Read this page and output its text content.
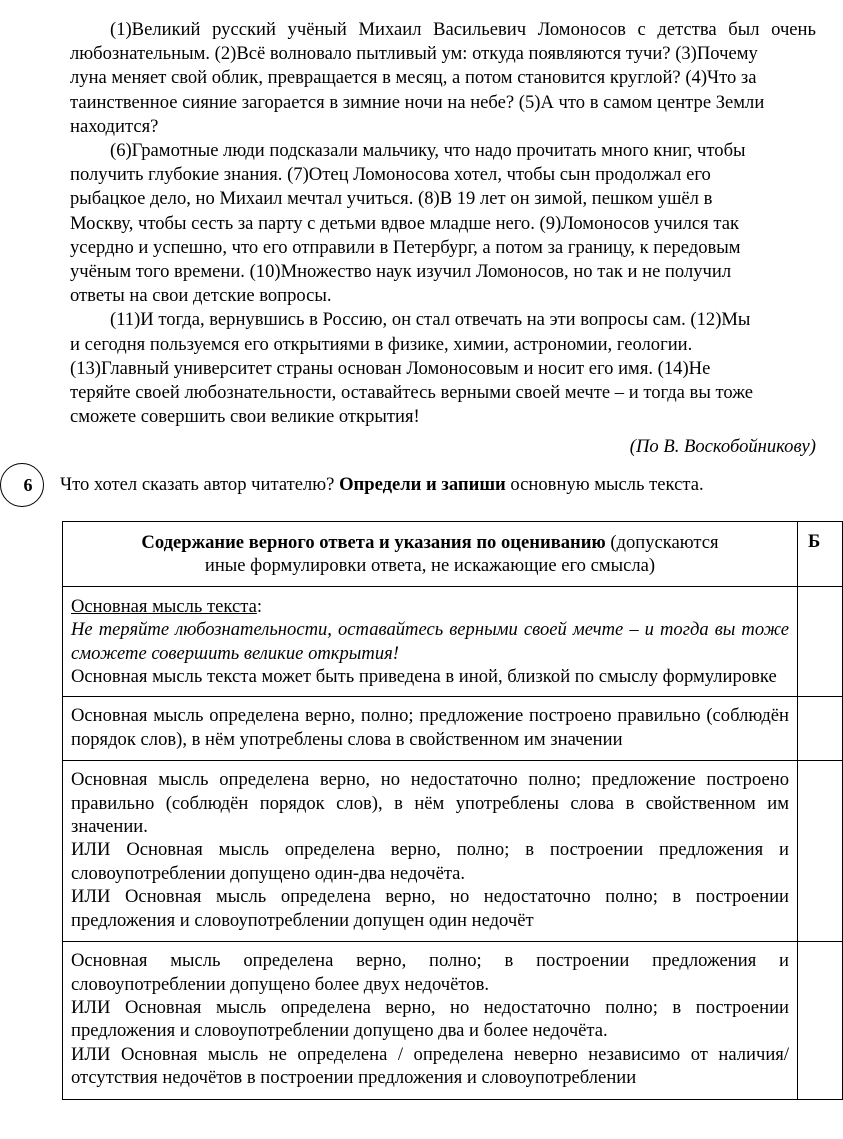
(1)Великий русский учёный Михаил Васильевич Ломоносов с детства был очень
любознательным. (2)Всё волновало пытливый ум: откуда появляются тучи? (3)Почему
луна меняет свой облик, превращается в месяц, а потом становится круглой? (4)Что за
таинственное сияние загорается в зимние ночи на небе? (5)А что в самом центре Земли
находится?

(6)Грамотные люди подсказали мальчику, что надо прочитать много книг, чтобы
получить глубокие знания. (7)Отец Ломоносова хотел, чтобы сын продолжал его
рыбацкое дело, но Михаил мечтал учиться. (8)В 19 лет он зимой, пешком ушёл в
Москву, чтобы сесть за парту с детьми вдвое младше него. (9)Ломоносов учился так
усердно и успешно, что его отправили в Петербург, а потом за границу, к передовым
учёным того времени. (10)Множество наук изучил Ломоносов, но так и не получил
ответы на свои детские вопросы.

(11)И тогда, вернувшись в Россию, он стал отвечать на эти вопросы сам. (12)Мы
и сегодня пользуемся его открытиями в физике, химии, астрономии, геологии.
(13)Главный университет страны основан Ломоносовым и носит его имя. (14)Не
теряйте своей любознательности, оставайтесь верными своей мечте – и тогда вы тоже
сможете совершить свои великие открытия!

(По В. Воскобойникову)

6 Что хотел сказать автор читателю? Определи и запиши основную мысль текста.
Содержание верного ответа и указания по оцениванию (допускаются
иные формулировки ответа, не искажающие его смысла)	Б

Основная мысль текста:
Не теряйте любознательности, оставайтесь верными своей мечте – и тогда вы тоже сможете совершить великие открытия!
Основная мысль текста может быть приведена в иной, близкой по смыслу формулировке	

Основная мысль определена верно, полно; предложение построено правильно (соблюдён порядок слов), в нём употреблены слова в свойственном им значении	

Основная мысль определена верно, но недостаточно полно; предложение построено правильно (соблюдён порядок слов), в нём употреблены слова в свойственном им значении.
ИЛИ Основная мысль определена верно, полно; в построении предложения и словоупотреблении допущено один-два недочёта.
ИЛИ Основная мысль определена верно, но недостаточно полно; в построении предложения и словоупотреблении допущен один недочёт	

Основная мысль определена верно, полно; в построении предложения и словоупотреблении допущено более двух недочётов.
ИЛИ Основная мысль определена верно, но недостаточно полно; в построении предложения и словоупотреблении допущено два и более недочёта.
ИЛИ Основная мысль не определена / определена неверно независимо от наличия/ отсутствия недочётов в построении предложения и словоупотреблении	
